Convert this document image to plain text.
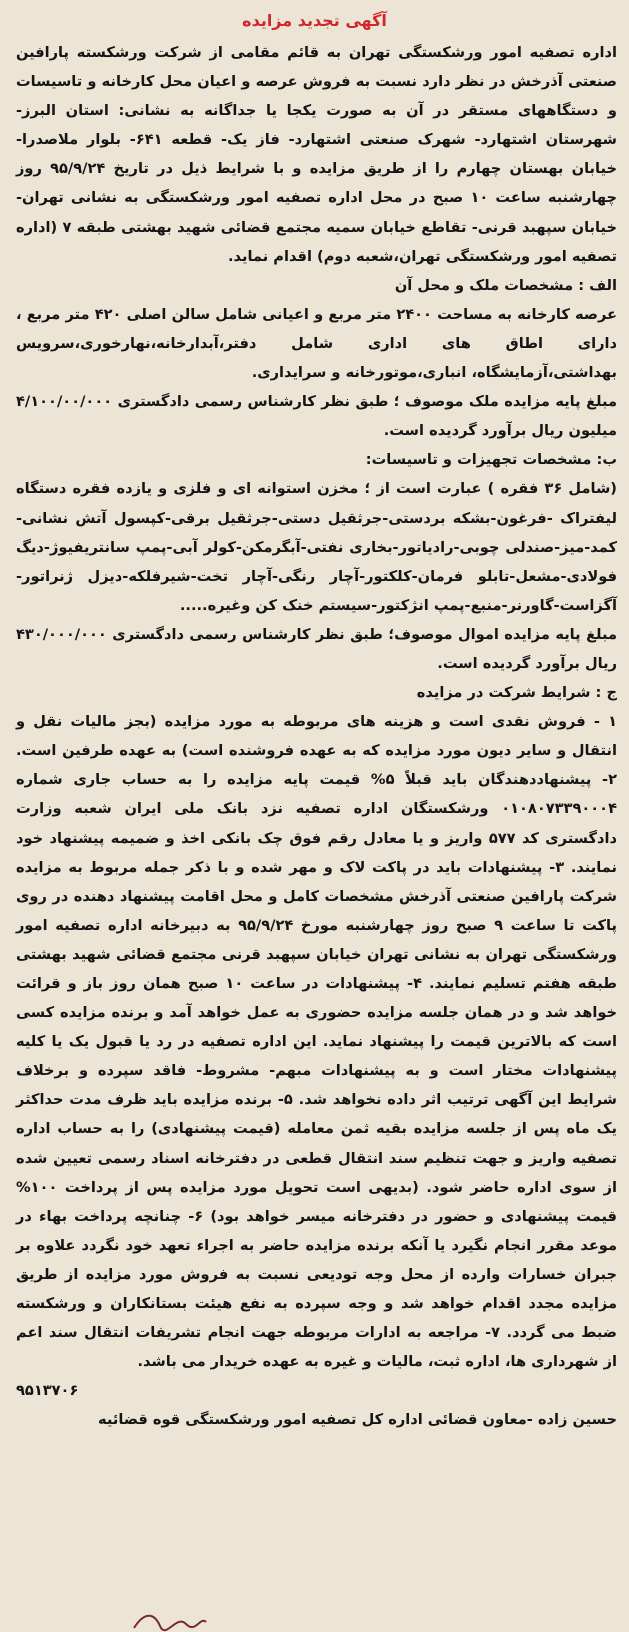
آگهی تجدید مزایده

اداره تصفیه امور ورشکستگی تهران به قائم مقامی از شرکت ورشکسته پارافین صنعتی آذرخش در نظر دارد نسبت به فروش عرصه و اعیان محل کارخانه و تاسیسات و دستگاههای مستقر در آن به صورت یکجا یا جداگانه به نشانی: استان البرز- شهرستان اشتهارد- شهرک صنعتی اشتهارد- فاز یک- قطعه ۶۴۱- بلوار ملاصدرا- خیابان بهستان چهارم را از طریق مزایده و با شرایط ذیل در تاریخ ۹۵/۹/۲۴ روز چهارشنبه ساعت ۱۰ صبح در محل اداره تصفیه امور ورشکستگی به نشانی تهران- خیابان سپهبد قرنی- تقاطع خیابان سمیه مجتمع قضائی شهید بهشتی طبقه ۷ (اداره تصفیه امور ورشکستگی تهران،شعبه دوم) اقدام نماید.

الف : مشخصات ملک و محل آن

عرصه کارخانه به مساحت ۲۴۰۰ متر مربع و اعیانی شامل سالن اصلی ۴۲۰ متر مربع ، دارای اطاق های اداری شامل دفتر،آبدارخانه،نهارخوری،سرویس بهداشتی،آزمایشگاه، انباری،موتورخانه و سرایداری.

مبلغ پایه مزایده ملک موصوف ؛ طبق نظر کارشناس رسمی دادگستری ۴/۱۰۰/۰۰/۰۰۰ میلیون ریال برآورد گردیده است.

ب: مشخصات تجهیزات و تاسیسات:

(شامل ۳۶ فقره ) عبارت است از ؛ مخزن استوانه ای و فلزی و یازده فقره دستگاه لیفتراک -فرغون-بشکه بردستی-جرثقیل دستی-جرثقیل برقی-کپسول آتش نشانی-کمد-میز-صندلی چوبی-رادیاتور-بخاری نفتی-آبگرمکن-کولر آبی-پمپ سانتریفیوژ-دیگ فولادی-مشعل-تابلو فرمان-کلکتور-آچار رنگی-آچار تخت-شیرفلکه-دیزل ژنراتور-آگزاست-گاورنر-منبع-پمپ انژکتور-سیستم خنک کن وغیره.....

مبلغ پایه مزایده اموال موصوف؛ طبق نظر کارشناس رسمی دادگستری ۴۳۰/۰۰۰/۰۰۰ ریال برآورد گردیده است.

ج : شرایط شرکت در مزایده

۱ - فروش نقدی است و هزینه های مربوطه به مورد مزایده (بجز مالیات نقل و انتقال و سایر دیون مورد مزایده که به عهده فروشنده است) به عهده طرفین است. ۲- پیشنهاددهندگان باید قبلاً ۵% قیمت پایه مزایده را به حساب جاری شماره ۰۱۰۸۰۷۳۳۹۰۰۰۴ ورشکستگان اداره تصفیه نزد بانک ملی ایران شعبه وزارت دادگستری کد ۵۷۷ واریز و یا معادل رقم فوق چک بانکی اخذ و ضمیمه پیشنهاد خود نمایند. ۳- پیشنهادات باید در پاکت لاک و مهر شده و با ذکر جمله مربوط به مزایده شرکت پارافین صنعتی آذرخش مشخصات کامل و محل اقامت پیشنهاد دهنده در روی پاکت تا ساعت ۹ صبح روز چهارشنبه مورخ ۹۵/۹/۲۴ به دبیرخانه اداره تصفیه امور ورشکستگی تهران به نشانی تهران خیابان سپهبد قرنی مجتمع قضائی شهید بهشتی طبقه هفتم تسلیم نمایند. ۴- پیشنهادات در ساعت ۱۰ صبح همان روز باز و قرائت خواهد شد و در همان جلسه مزایده حضوری به عمل خواهد آمد و برنده مزایده کسی است که بالاترین قیمت را پیشنهاد نماید. این اداره تصفیه در رد یا قبول یک یا کلیه پیشنهادات مختار است و به پیشنهادات مبهم- مشروط- فاقد سپرده و برخلاف شرایط این آگهی ترتیب اثر داده نخواهد شد. ۵- برنده مزایده باید ظرف مدت حداکثر یک ماه پس از جلسه مزایده بقیه ثمن معامله (قیمت پیشنهادی) را به حساب اداره تصفیه واریز و جهت تنظیم سند انتقال قطعی در دفترخانه اسناد رسمی تعیین شده از سوی اداره حاضر شود. (بدیهی است تحویل مورد مزایده پس از پرداخت ۱۰۰% قیمت پیشنهادی و حضور در دفترخانه میسر خواهد بود) ۶- چنانچه پرداخت بهاء در موعد مقرر انجام نگیرد یا آنکه برنده مزایده حاضر به اجراء تعهد خود نگردد علاوه بر جبران خسارات وارده از محل وجه تودیعی نسبت به فروش مورد مزایده از طریق مزایده مجدد اقدام خواهد شد و وجه سپرده به نفع هیئت بستانکاران و ورشکسته ضبط می گردد. ۷- مراجعه به ادارات مربوطه جهت انجام تشریفات انتقال سند اعم از شهرداری ها، اداره ثبت، مالیات و غیره به عهده خریدار می باشد.

۹۵۱۳۷۰۶

حسین زاده -معاون قضائی اداره کل تصفیه امور ورشکستگی قوه قضائیه
